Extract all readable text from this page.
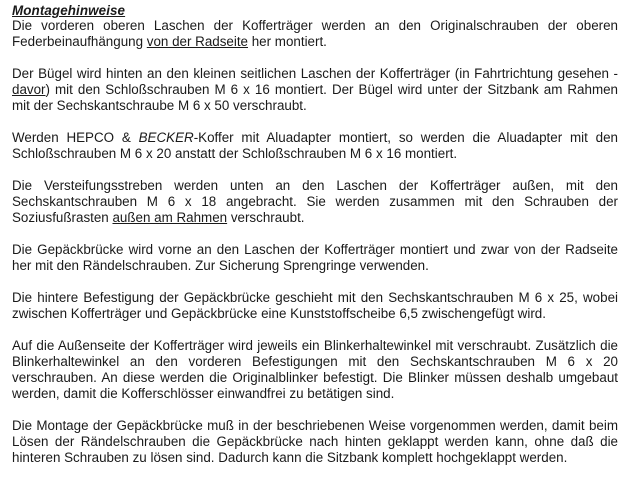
Montagehinweise

Die vorderen oberen Laschen der Kofferträger werden an den Originalschrauben der oberen Federbeinaufhängung von der Radseite her montiert.

Der Bügel wird hinten an den kleinen seitlichen Laschen der Kofferträger (in Fahrtrichtung gesehen - davor) mit den Schloßschrauben M 6 x 16 montiert. Der Bügel wird unter der Sitzbank am Rahmen mit der Sechskantschraube M 6 x 50 verschraubt.

Werden HEPCO & BECKER-Koffer mit Aluadapter montiert, so werden die Aluadapter mit den Schloßschrauben M 6 x 20 anstatt der Schloßschrauben M 6 x 16 montiert.

Die Versteifungsstreben werden unten an den Laschen der Kofferträger außen, mit den Sechskantschrauben M 6 x 18 angebracht. Sie werden zusammen mit den Schrauben der Soziusfußrasten außen am Rahmen verschraubt.

Die Gepäckbrücke wird vorne an den Laschen der Kofferträger montiert und zwar von der Radseite her mit den Rändelschrauben. Zur Sicherung Sprengringe verwenden.

Die hintere Befestigung der Gepäckbrücke geschieht mit den Sechskantschrauben M 6 x 25, wobei zwischen Kofferträger und Gepäckbrücke eine Kunststoffscheibe 6,5 zwischengefügt wird.

Auf die Außenseite der Kofferträger wird jeweils ein Blinkerhaltewinkel mit verschraubt. Zusätzlich die Blinkerhaltewinkel an den vorderen Befestigungen mit den Sechskantschrauben M 6 x 20 verschrauben. An diese werden die Originalblinker befestigt. Die Blinker müssen deshalb umgebaut werden, damit die Kofferschlösser einwandfrei zu betätigen sind.

Die Montage der Gepäckbrücke muß in der beschriebenen Weise vorgenommen werden, damit beim Lösen der Rändelschrauben die Gepäckbrücke nach hinten geklappt werden kann, ohne daß die hinteren Schrauben zu lösen sind. Dadurch kann die Sitzbank komplett hochgeklappt werden.
